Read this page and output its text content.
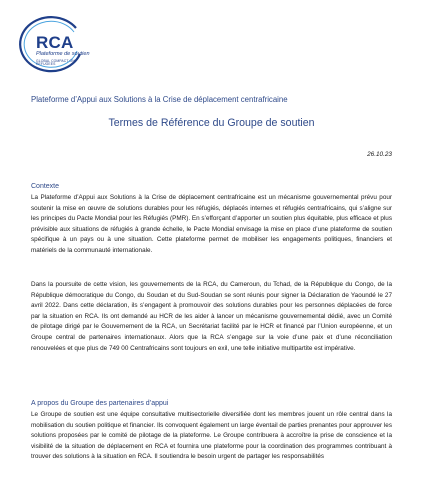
RCA
Plateforme de soutien
GLOBAL COMPACT ON REFUGEES
Plateforme d’Appui aux Solutions à la Crise de déplacement centrafricaine
Termes de Référence du Groupe de soutien
26.10.23
Contexte
La Plateforme d’Appui aux Solutions à la Crise de déplacement centrafricaine est un mécanisme gouvernemental prévu pour soutenir la mise en œuvre de solutions durables pour les réfugiés, déplacés internes et réfugiés centrafricains, qui s’aligne sur les principes du Pacte Mondial pour les Réfugiés (PMR). En s’efforçant d’apporter un soutien plus équitable, plus efficace et plus prévisible aux situations de réfugiés à grande échelle, le Pacte Mondial envisage la mise en place d’une plateforme de soutien spécifique à un pays ou à une situation. Cette plateforme permet de mobiliser les engagements politiques, financiers et matériels de la communauté internationale.
Dans la poursuite de cette vision, les gouvernements de la RCA, du Cameroun, du Tchad, de la République du Congo, de la République démocratique du Congo, du Soudan et du Sud-Soudan se sont réunis pour signer la Déclaration de Yaoundé le 27 avril 2022. Dans cette déclaration, ils s’engagent à promouvoir des solutions durables pour les personnes déplacées de force par la situation en RCA. Ils ont demandé au HCR de les aider à lancer un mécanisme gouvernemental dédié, avec un Comité de pilotage dirigé par le Gouvernement de la RCA, un Secrétariat facilité par le HCR et financé par l’Union européenne, et un Groupe central de partenaires internationaux. Alors que la RCA s’engage sur la voie d’une paix et d’une réconciliation renouvelées et que plus de 749 00 Centrafricains sont toujours en exil, une telle initiative multipartite est impérative.
A propos du Groupe des partenaires d’appui
Le Groupe de soutien est une équipe consultative multisectorielle diversifiée dont les membres jouent un rôle central dans la mobilisation du soutien politique et financier. Ils convoquent également un large éventail de parties prenantes pour approuver les solutions proposées par le comité de pilotage de la plateforme. Le Groupe contribuera à accroître la prise de conscience et la visibilité de la situation de déplacement en RCA et fournira une plateforme pour la coordination des programmes contribuant à trouver des solutions à la situation en RCA. Il soutiendra le besoin urgent de partager les responsabilités
